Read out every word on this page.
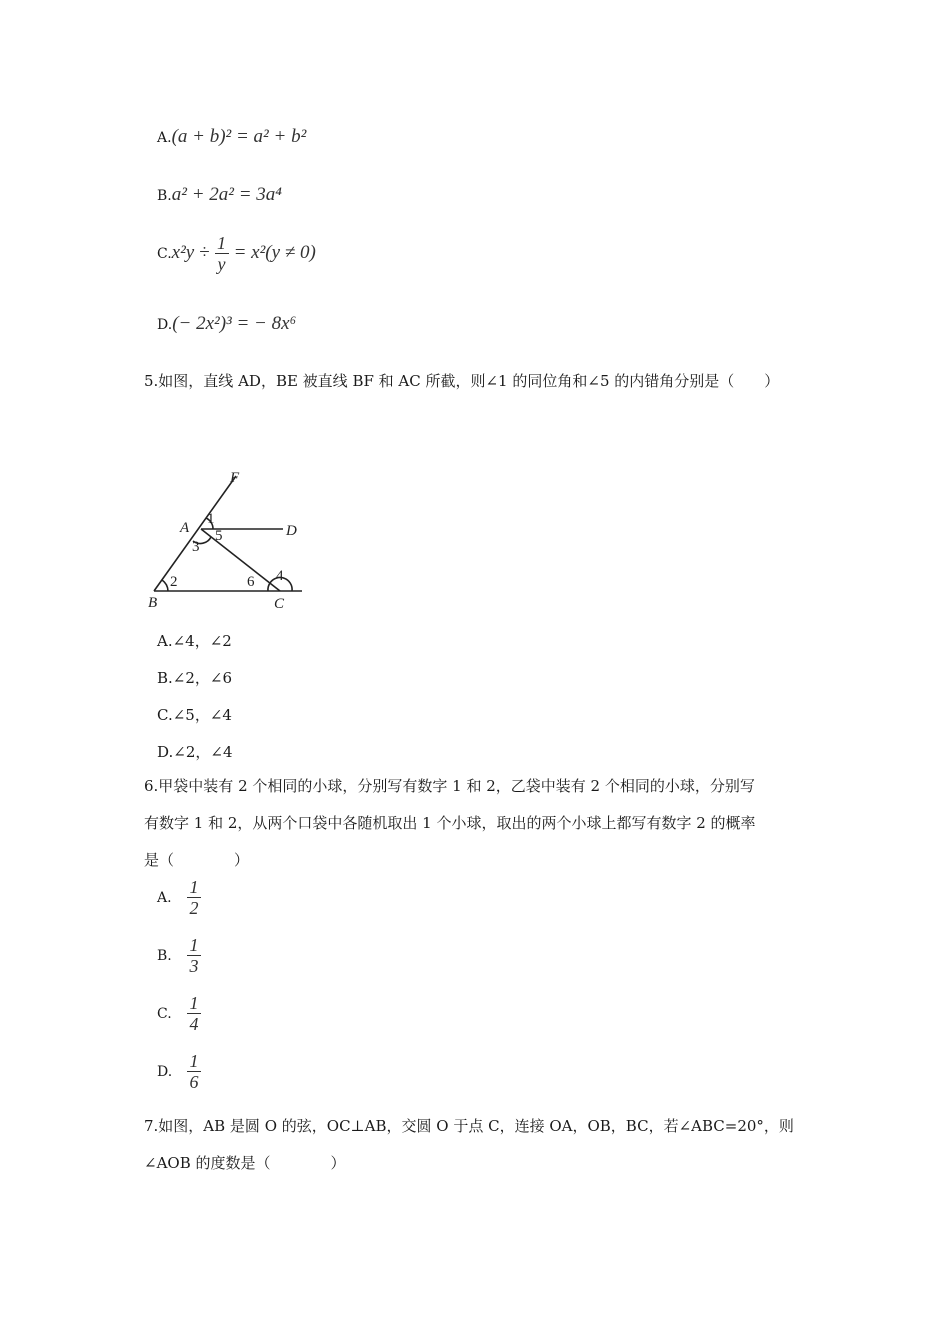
A.(a + b)² = a² + b²
B.a² + 2a² = 3a⁴
$C.x^2y \div \frac{1}{y} = x^2(y \ne 0)$
D.(− 2x²)³ = − 8x⁶
5.如图，直线 AD，BE 被直线 BF 和 AC 所截，则∠1 的同位角和∠5 的内错角分别是（　　）
F
A	D
B	C
1
2
3
4
5
6
A.∠4，∠2
B.∠2，∠6
C.∠5，∠4
D.∠2，∠4
6.甲袋中装有 2 个相同的小球，分别写有数字 1 和 2，乙袋中装有 2 个相同的小球，分别写
有数字 1 和 2，从两个口袋中各随机取出 1 个小球，取出的两个小球上都写有数字 2 的概率
是（　　　　）
A. $\frac{1}{2}$
B. $\frac{1}{3}$
C. $\frac{1}{4}$
D. $\frac{1}{6}$
7.如图，AB 是圆 O 的弦，OC⊥AB，交圆 O 于点 C，连接 OA，OB，BC，若∠ABC=20°，则
∠AOB 的度数是（　　　　）
